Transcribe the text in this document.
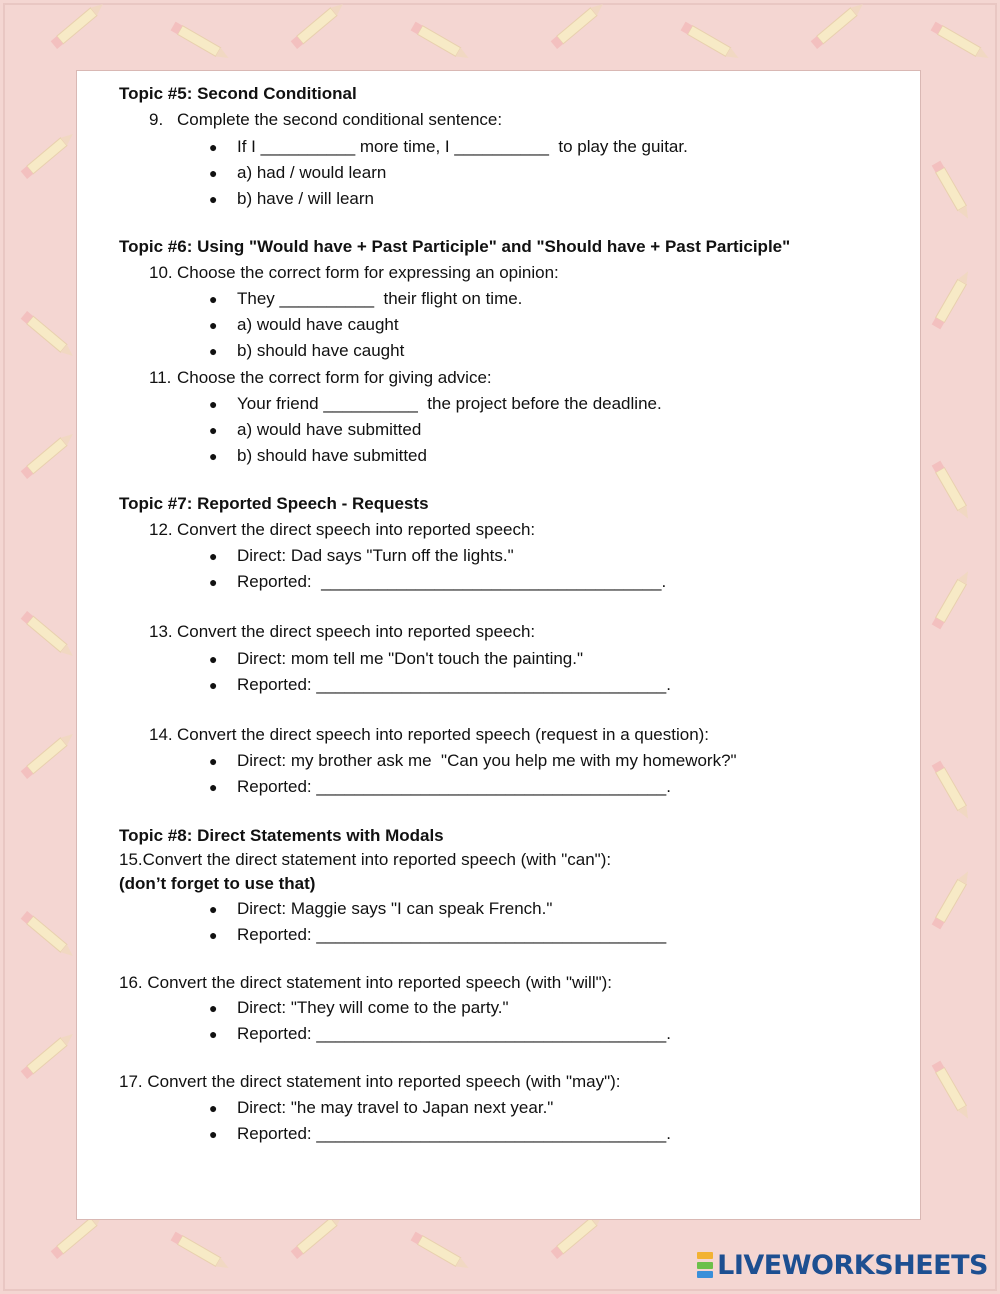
Topic #5: Second Conditional
9. Complete the second conditional sentence:
● If I __________ more time, I __________  to play the guitar.
● a) had / would learn
● b) have / will learn
Topic #6: Using "Would have + Past Participle" and "Should have + Past Participle"
10. Choose the correct form for expressing an opinion:
● They __________  their flight on time.
● a) would have caught
● b) should have caught
11. Choose the correct form for giving advice:
● Your friend __________  the project before the deadline.
● a) would have submitted
● b) should have submitted
Topic #7: Reported Speech - Requests
12. Convert the direct speech into reported speech:
● Direct: Dad says "Turn off the lights."
● Reported:  ____________________________________.
13. Convert the direct speech into reported speech:
● Direct: mom tell me "Don't touch the painting."
● Reported: _____________________________________.
14. Convert the direct speech into reported speech (request in a question):
● Direct: my brother ask me  "Can you help me with my homework?"
● Reported: _____________________________________.
Topic #8: Direct Statements with Modals
15.Convert the direct statement into reported speech (with "can"):
(don’t forget to use that)
● Direct: Maggie says "I can speak French."
● Reported: _____________________________________
16. Convert the direct statement into reported speech (with "will"):
● Direct: "They will come to the party."
● Reported: _____________________________________.
17. Convert the direct statement into reported speech (with "may"):
● Direct: "he may travel to Japan next year."
● Reported: _____________________________________.
LIVEWORKSHEETS
